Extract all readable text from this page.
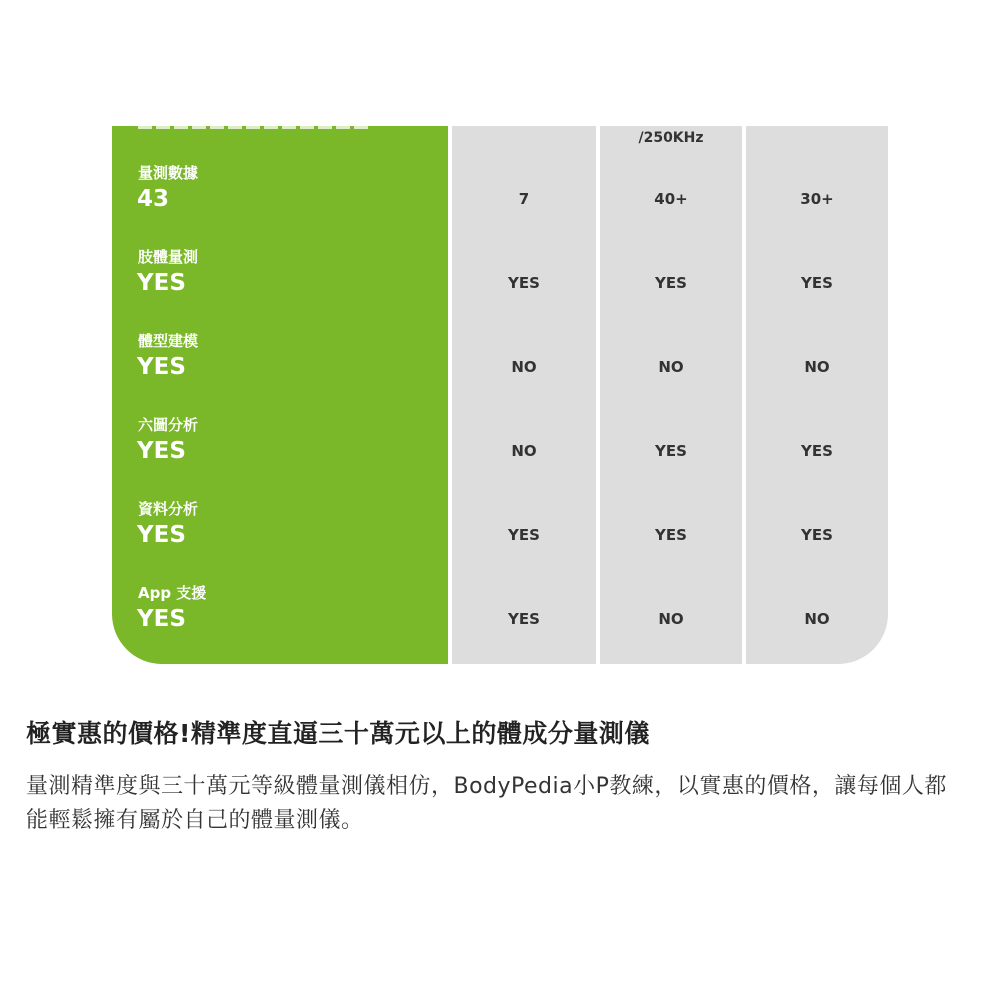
/250KHz
量測數據
43	7	40+	30+
肢體量測
YES	YES	YES	YES
體型建模
YES	NO	NO	NO
六圖分析
YES	NO	YES	YES
資料分析
YES	YES	YES	YES
App 支援
YES	YES	NO	NO
極實惠的價格!精準度直逼三十萬元以上的體成分量測儀
量測精準度與三十萬元等級體量測儀相仿，BodyPedia小P教練，以實惠的價格，讓每個人都能輕鬆擁有屬於自己的體量測儀。
